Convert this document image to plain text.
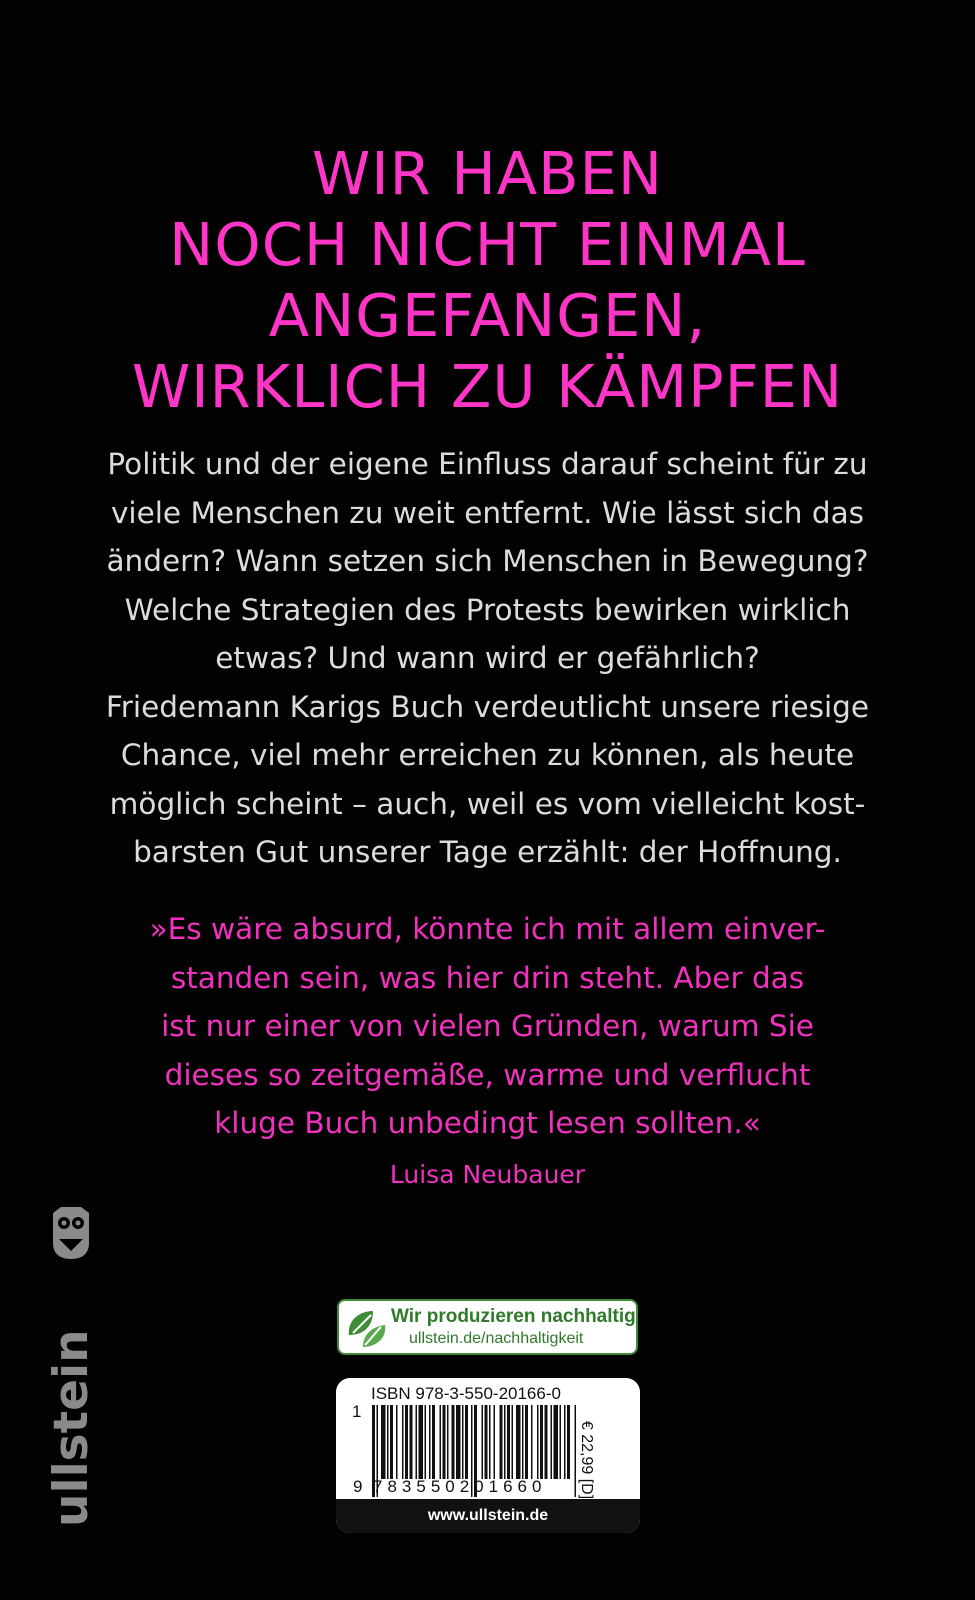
WIR HABEN
NOCH NICHT EINMAL
ANGEFANGEN,
WIRKLICH ZU KÄMPFEN
Politik und der eigene Einfluss darauf scheint für zu
viele Menschen zu weit entfernt. Wie lässt sich das
ändern? Wann setzen sich Menschen in Bewegung?
Welche Strategien des Protests bewirken wirklich
etwas? Und wann wird er gefährlich?
Friedemann Karigs Buch verdeutlicht unsere riesige
Chance, viel mehr erreichen zu können, als heute
möglich scheint – auch, weil es vom vielleicht kost-
barsten Gut unserer Tage erzählt: der Hoffnung.
»Es wäre absurd, könnte ich mit allem einver-
standen sein, was hier drin steht. Aber das
ist nur einer von vielen Gründen, warum Sie
dieses so zeitgemäße, warme und verflucht
kluge Buch unbedingt lesen sollten.«
Luisa Neubauer
ullstein
Wir produzieren nachhaltig
ullstein.de/nachhaltigkeit
ISBN 978-3-550-20166-0
1
9 783550201660 € 22,99 [D]
www.ullstein.de
